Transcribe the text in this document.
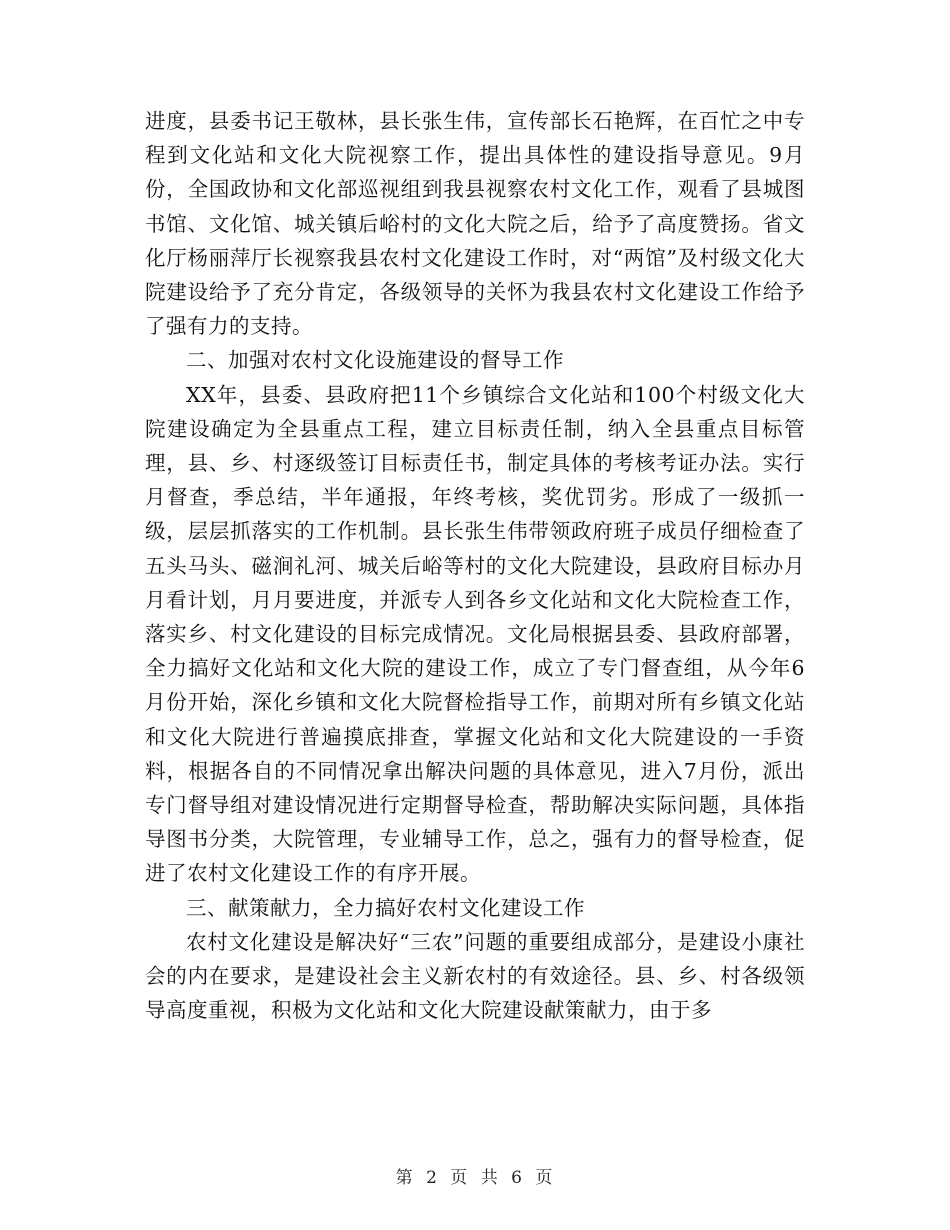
进度，县委书记王敬林，县长张生伟，宣传部长石艳辉，在百忙之中专程到文化站和文化大院视察工作，提出具体性的建设指导意见。9月份，全国政协和文化部巡视组到我县视察农村文化工作，观看了县城图书馆、文化馆、城关镇后峪村的文化大院之后，给予了高度赞扬。省文化厅杨丽萍厅长视察我县农村文化建设工作时，对“两馆”及村级文化大院建设给予了充分肯定，各级领导的关怀为我县农村文化建设工作给予了强有力的支持。

二、加强对农村文化设施建设的督导工作

XX年，县委、县政府把11个乡镇综合文化站和100个村级文化大院建设确定为全县重点工程，建立目标责任制，纳入全县重点目标管理，县、乡、村逐级签订目标责任书，制定具体的考核考证办法。实行月督查，季总结，半年通报，年终考核，奖优罚劣。形成了一级抓一级，层层抓落实的工作机制。县长张生伟带领政府班子成员仔细检查了五头马头、磁涧礼河、城关后峪等村的文化大院建设，县政府目标办月月看计划，月月要进度，并派专人到各乡文化站和文化大院检查工作，落实乡、村文化建设的目标完成情况。文化局根据县委、县政府部署，全力搞好文化站和文化大院的建设工作，成立了专门督查组，从今年6月份开始，深化乡镇和文化大院督检指导工作，前期对所有乡镇文化站和文化大院进行普遍摸底排查，掌握文化站和文化大院建设的一手资料，根据各自的不同情况拿出解决问题的具体意见，进入7月份，派出专门督导组对建设情况进行定期督导检查，帮助解决实际问题，具体指导图书分类，大院管理，专业辅导工作，总之，强有力的督导检查，促进了农村文化建设工作的有序开展。

三、献策献力，全力搞好农村文化建设工作

农村文化建设是解决好“三农”问题的重要组成部分，是建设小康社会的内在要求，是建设社会主义新农村的有效途径。县、乡、村各级领导高度重视，积极为文化站和文化大院建设献策献力，由于多

第 2 页 共 6 页
